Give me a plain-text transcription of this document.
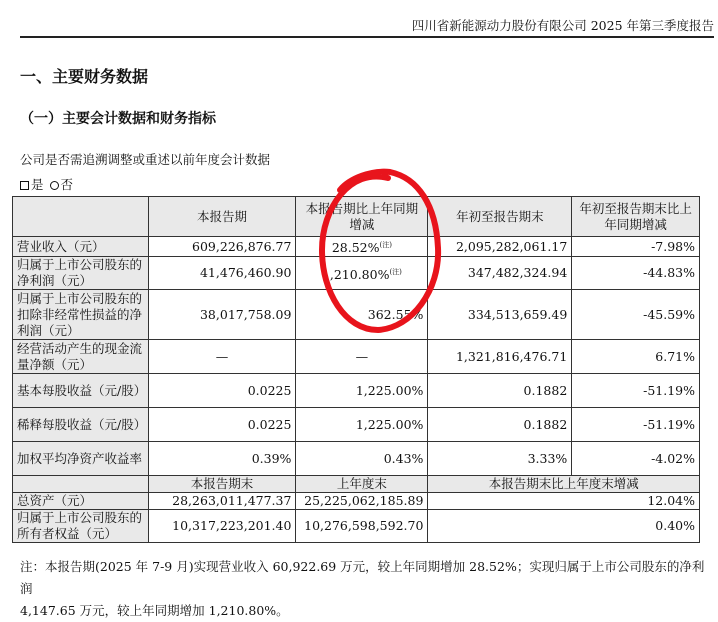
四川省新能源动力股份有限公司 2025 年第三季度报告
一、主要财务数据
（一）主要会计数据和财务指标
公司是否需追溯调整或重述以前年度会计数据
是 否
	本报告期	本报告期比上年同期增减	年初至报告期末	年初至报告期末比上年同期增减
营业收入（元）	609,226,876.77	28.52%$^{(注)}$	2,095,282,061.17	-7.98%
归属于上市公司股东的净利润（元）	41,476,460.90	1,210.80%$^{(注)}$	347,482,324.94	-44.83%
归属于上市公司股东的扣除非经常性损益的净利润（元）	38,017,758.09	362.55%	334,513,659.49	-45.59%
经营活动产生的现金流量净额（元）	—	—	1,321,816,476.71	6.71%
基本每股收益（元/股）	0.0225	1,225.00%	0.1882	-51.19%
稀释每股收益（元/股）	0.0225	1,225.00%	0.1882	-51.19%
加权平均净资产收益率	0.39%	0.43%	3.33%	-4.02%
	本报告期末	上年度末	本报告期末比上年度末增减	
总资产（元）	28,263,011,477.37	25,225,062,185.89	12.04%	
归属于上市公司股东的所有者权益（元）	10,317,223,201.40	10,276,598,592.70	0.40%	
注：本报告期(2025 年 7-9 月)实现营业收入 60,922.69 万元，较上年同期增加 28.52%；实现归属于上市公司股东的净利润
4,147.65 万元，较上年同期增加 1,210.80%。
